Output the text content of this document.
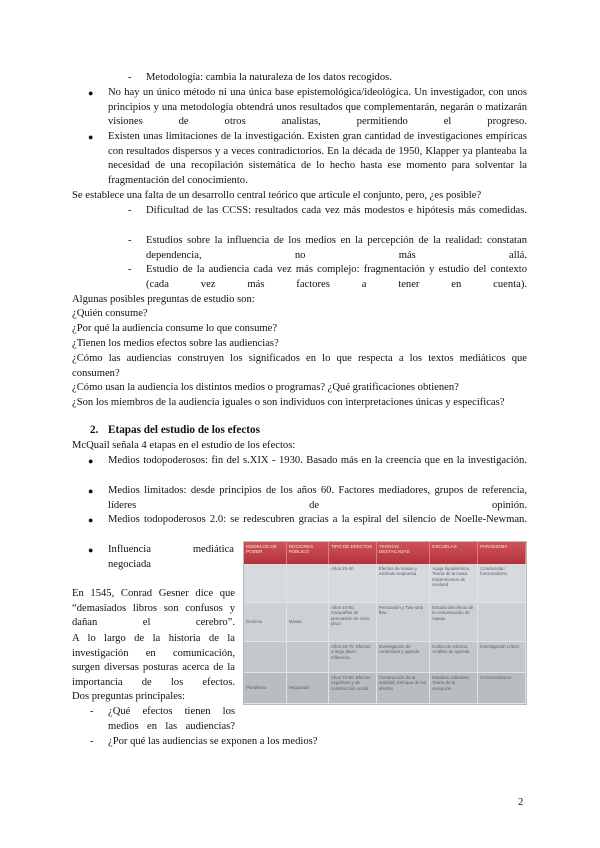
- Metodología: cambia la naturaleza de los datos recogidos.
● No hay un único método ni una única base epistemológica/ideológica. Un investigador, con unos principios y una metodología obtendrá unos resultados que complementarán, negarán o matizarán visiones de otros analistas, permitiendo el progreso.
● Existen unas limitaciones de la investigación. Existen gran cantidad de investigaciones empíricas con resultados dispersos y a veces contradictorios. En la década de 1950, Klapper ya planteaba la necesidad de una recopilación sistemática de lo hecho hasta ese momento para solventar la fragmentación del conocimiento.
Se establece una falta de un desarrollo central teórico que articule el conjunto, pero, ¿es posible?
- Dificultad de las CCSS: resultados cada vez más modestos e hipótesis más comedidas.
- Estudios sobre la influencia de los medios en la percepción de la realidad: constatan dependencia, no más allá.
- Estudio de la audiencia cada vez más complejo: fragmentación y estudio del contexto (cada vez más factores a tener en cuenta).
Algunas posibles preguntas de estudio son:
¿Quién consume?
¿Por qué la audiencia consume lo que consume?
¿Tienen los medios efectos sobre las audiencias?
¿Cómo las audiencias construyen los significados en lo que respecta a los textos mediáticos que consumen?
¿Cómo usan la audiencia los distintos medios o programas? ¿Qué gratificaciones obtienen?
¿Son los miembros de la audiencia iguales o son individuos con interpretaciones únicas y específicas?
2. Etapas del estudio de los efectos
McQuail señala 4 etapas en el estudio de los efectos:
● Medios todopoderosos: fin del s.XIX - 1930. Basado más en la creencia que en la investigación.
● Medios limitados: desde principios de los años 60. Factores mediadores, grupos de referencia, líderes de opinión.
● Medios todopoderosos 2.0: se redescubren gracias a la espiral del silencio de Noelle-Newman.
● Influencia mediática negociada
MODELOS DE PODER	NOCIONES PÚBLICO	TIPO DE EFECTOS	TEORÍAS DESTACADAS	ESCUELAS	PARADIGMA
		Años 20-40	Efectos de masas y estímulo-respuesta	Aguja hipodérmica. Teoría de la masa. Experimentos de Hovland	Conductista / funcionalismo
Dominio	Masas	Años 40-60. Campañas de persuasión de corto plazo	Persuasión y Two-step flow	Estudio del efecto de la comunicación de masas	
		Años 60-70. Efectos a largo plazo. Influencia	Investigación de contenidos y agenda	Cultivo de efectos. Análisis de agenda	Investigación crítica
Pluralismo	Negociado	Años 70-80. Efectos cognitivos y de construcción social	Construcción de la realidad. Enfoque de los efectos	Estudios culturales. Teoría de la recepción	Constructivismo
En 1545, Conrad Gesner dice que “demasiados libros son confusos y dañan el cerebro”.
A lo largo de la historia de la investigación en comunicación, surgen diversas posturas acerca de la importancia de los efectos.
Dos preguntas principales:
- ¿Qué efectos tienen los medios en las audiencias?
- ¿Por qué las audiencias se exponen a los medios?
2
